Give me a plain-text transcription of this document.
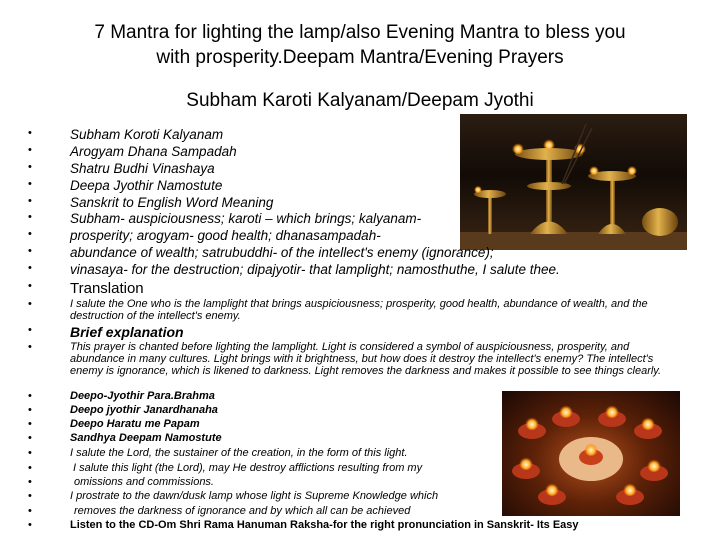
7 Mantra for lighting the lamp/also Evening Mantra to bless you
with prosperity.Deepam Mantra/Evening Prayers
Subham Karoti Kalyanam/Deepam Jyothi
•	Subham Koroti Kalyanam
•	Arogyam Dhana Sampadah
•	Shatru Budhi Vinashaya
•	Deepa Jyothir Namostute
•	Sanskrit to English Word Meaning
•	Subham- auspiciousness; karoti – which brings; kalyanam-
•	prosperity; arogyam- good health; dhanasampadah-
•	abundance of wealth; satrubuddhi- of the intellect's enemy (ignorance);
•	vinasaya- for the destruction; dipajyotir- that lamplight; namosthuthe, I salute thee.
•	Translation
•	I salute the One who is the lamplight that brings auspiciousness; prosperity, good health, abundance of wealth, and the destruction of the intellect's enemy.
•	Brief explanation
•	This prayer is chanted before lighting the lamplight. Light is considered a symbol of auspiciousness, prosperity, and abundance in many cultures. Light brings with it brightness, but how does it destroy the intellect's enemy? The intellect's enemy is ignorance, which is likened to darkness. Light removes the darkness and makes it possible to see things clearly.
•	Deepo-Jyothir Para.Brahma
•	Deepo jyothir Janardhanaha
•	Deepo Haratu me Papam
•	Sandhya Deepam Namostute
•	I salute the Lord, the sustainer of the creation, in the form of this light.
•	I salute this light (the Lord), may He destroy afflictions resulting from my
•	omissions and commissions.
•	I prostrate to the dawn/dusk lamp whose light is Supreme Knowledge which
•	removes the darkness of ignorance and by which all can be achieved
•	Listen to the CD-Om Shri Rama Hanuman Raksha-for the right pronunciation in Sanskrit- Its Easy
